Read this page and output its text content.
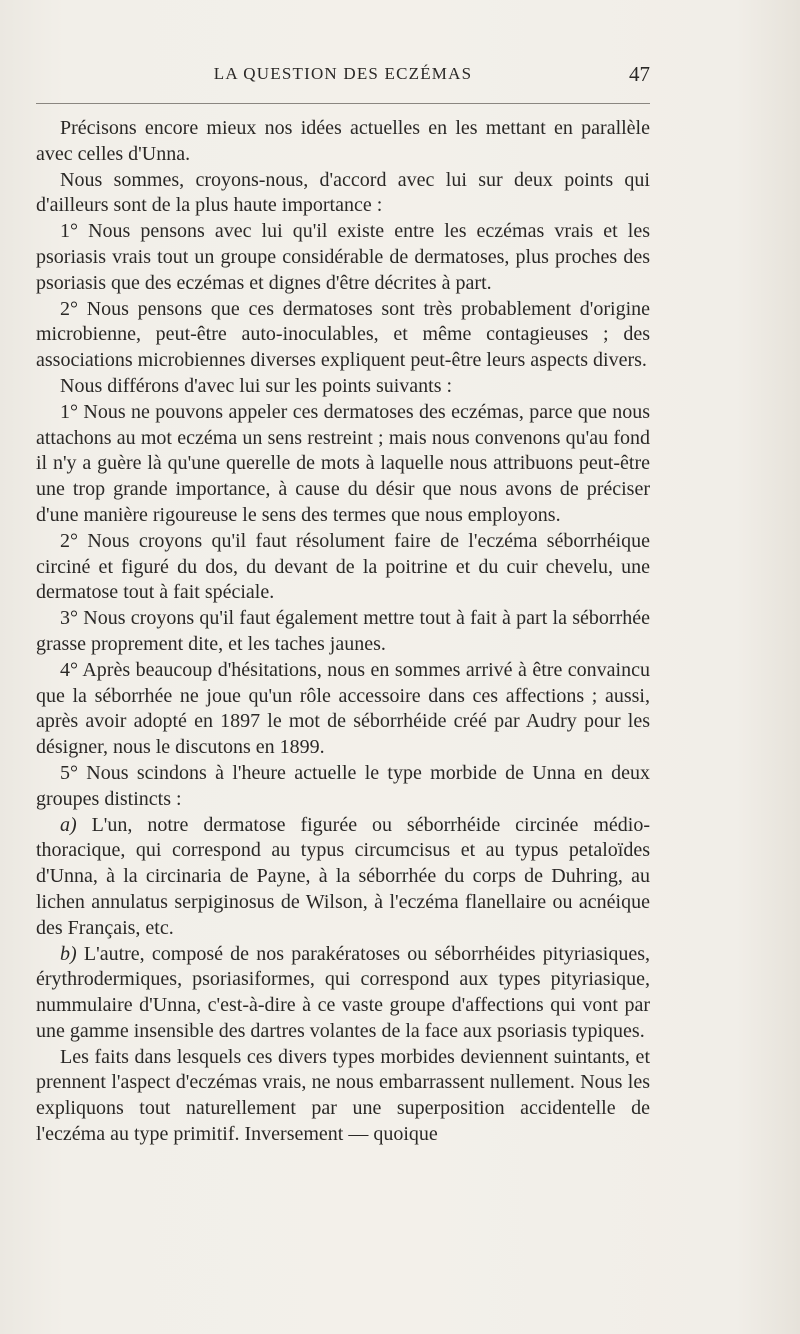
LA QUESTION DES ECZÉMAS	47

Précisons encore mieux nos idées actuelles en les mettant en parallèle avec celles d'Unna.

Nous sommes, croyons-nous, d'accord avec lui sur deux points qui d'ailleurs sont de la plus haute importance :

1° Nous pensons avec lui qu'il existe entre les eczémas vrais et les psoriasis vrais tout un groupe considérable de dermatoses, plus proches des psoriasis que des eczémas et dignes d'être décrites à part.

2° Nous pensons que ces dermatoses sont très probablement d'origine microbienne, peut-être auto-inoculables, et même contagieuses ; des associations microbiennes diverses expliquent peut-être leurs aspects divers.

Nous différons d'avec lui sur les points suivants :

1° Nous ne pouvons appeler ces dermatoses des eczémas, parce que nous attachons au mot eczéma un sens restreint ; mais nous convenons qu'au fond il n'y a guère là qu'une querelle de mots à laquelle nous attribuons peut-être une trop grande importance, à cause du désir que nous avons de préciser d'une manière rigoureuse le sens des termes que nous employons.

2° Nous croyons qu'il faut résolument faire de l'eczéma séborrhéique circiné et figuré du dos, du devant de la poitrine et du cuir chevelu, une dermatose tout à fait spéciale.

3° Nous croyons qu'il faut également mettre tout à fait à part la séborrhée grasse proprement dite, et les taches jaunes.

4° Après beaucoup d'hésitations, nous en sommes arrivé à être convaincu que la séborrhée ne joue qu'un rôle accessoire dans ces affections ; aussi, après avoir adopté en 1897 le mot de séborrhéide créé par Audry pour les désigner, nous le discutons en 1899.

5° Nous scindons à l'heure actuelle le type morbide de Unna en deux groupes distincts :

a) L'un, notre dermatose figurée ou séborrhéide circinée médio-thoracique, qui correspond au typus circumcisus et au typus petaloïdes d'Unna, à la circinaria de Payne, à la séborrhée du corps de Duhring, au lichen annulatus serpiginosus de Wilson, à l'eczéma flanellaire ou acnéique des Français, etc.

b) L'autre, composé de nos parakératoses ou séborrhéides pityriasiques, érythrodermiques, psoriasiformes, qui correspond aux types pityriasique, nummulaire d'Unna, c'est-à-dire à ce vaste groupe d'affections qui vont par une gamme insensible des dartres volantes de la face aux psoriasis typiques.

Les faits dans lesquels ces divers types morbides deviennent suintants, et prennent l'aspect d'eczémas vrais, ne nous embarrassent nullement. Nous les expliquons tout naturellement par une superposition accidentelle de l'eczéma au type primitif. Inversement — quoique
